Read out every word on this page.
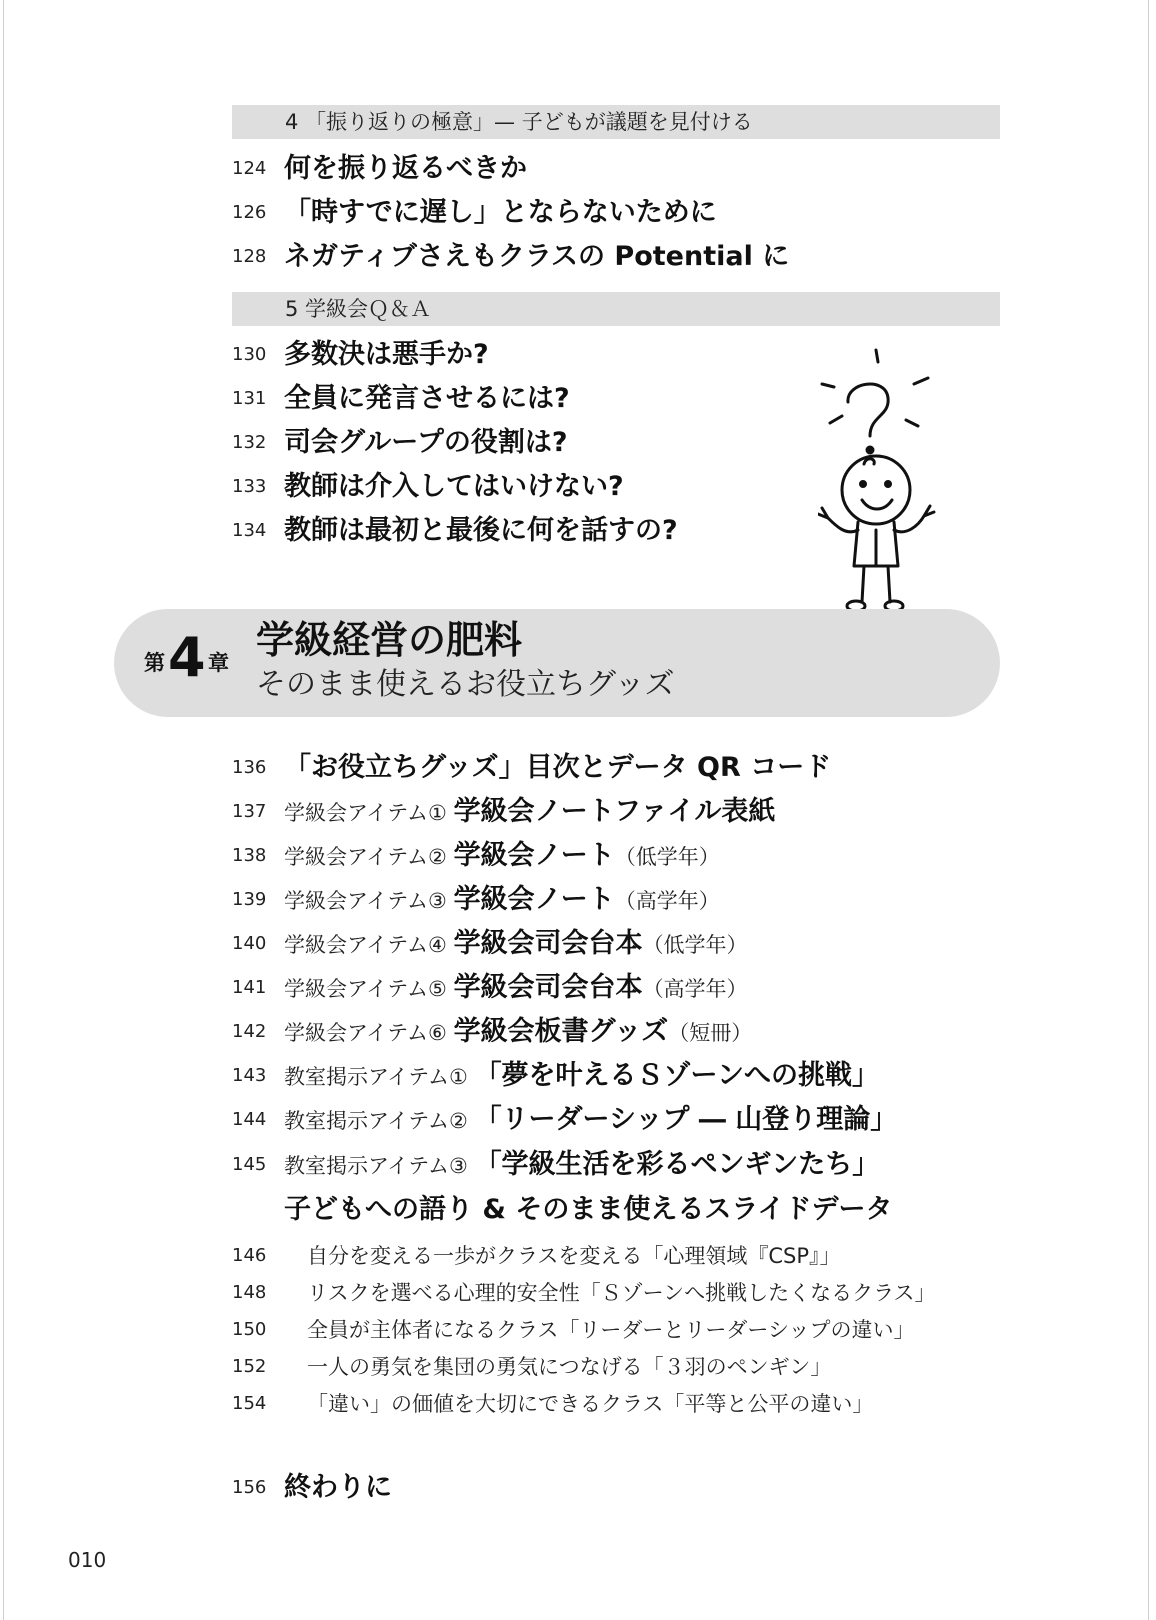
4 「振り返りの極意」— 子どもが議題を見付ける
124 何を振り返るべきか
126 「時すでに遅し」とならないために
128 ネガティブさえもクラスの Potential に
5 学級会Ｑ＆Ａ
130 多数決は悪手か?
131 全員に発言させるには?
132 司会グループの役割は?
133 教師は介入してはいけない?
134 教師は最初と最後に何を話すの?
第 4 章
学級経営の肥料
そのまま使えるお役立ちグッズ
136 「お役立ちグッズ」目次とデータ QR コード
137 学級会アイテム① 学級会ノートファイル表紙
138 学級会アイテム② 学級会ノート（低学年）
139 学級会アイテム③ 学級会ノート（高学年）
140 学級会アイテム④ 学級会司会台本（低学年）
141 学級会アイテム⑤ 学級会司会台本（高学年）
142 学級会アイテム⑥ 学級会板書グッズ（短冊）
143 教室掲示アイテム① 「夢を叶えるＳゾーンへの挑戦」
144 教室掲示アイテム② 「リーダーシップ ― 山登り理論」
145 教室掲示アイテム③ 「学級生活を彩るペンギンたち」
子どもへの語り & そのまま使えるスライドデータ
146	自分を変える一歩がクラスを変える「心理領域『CSP』」
148	リスクを選べる心理的安全性「Ｓゾーンへ挑戦したくなるクラス」
150	全員が主体者になるクラス「リーダーとリーダーシップの違い」
152	一人の勇気を集団の勇気につなげる「３羽のペンギン」
154	「違い」の価値を大切にできるクラス「平等と公平の違い」
156 終わりに
010
